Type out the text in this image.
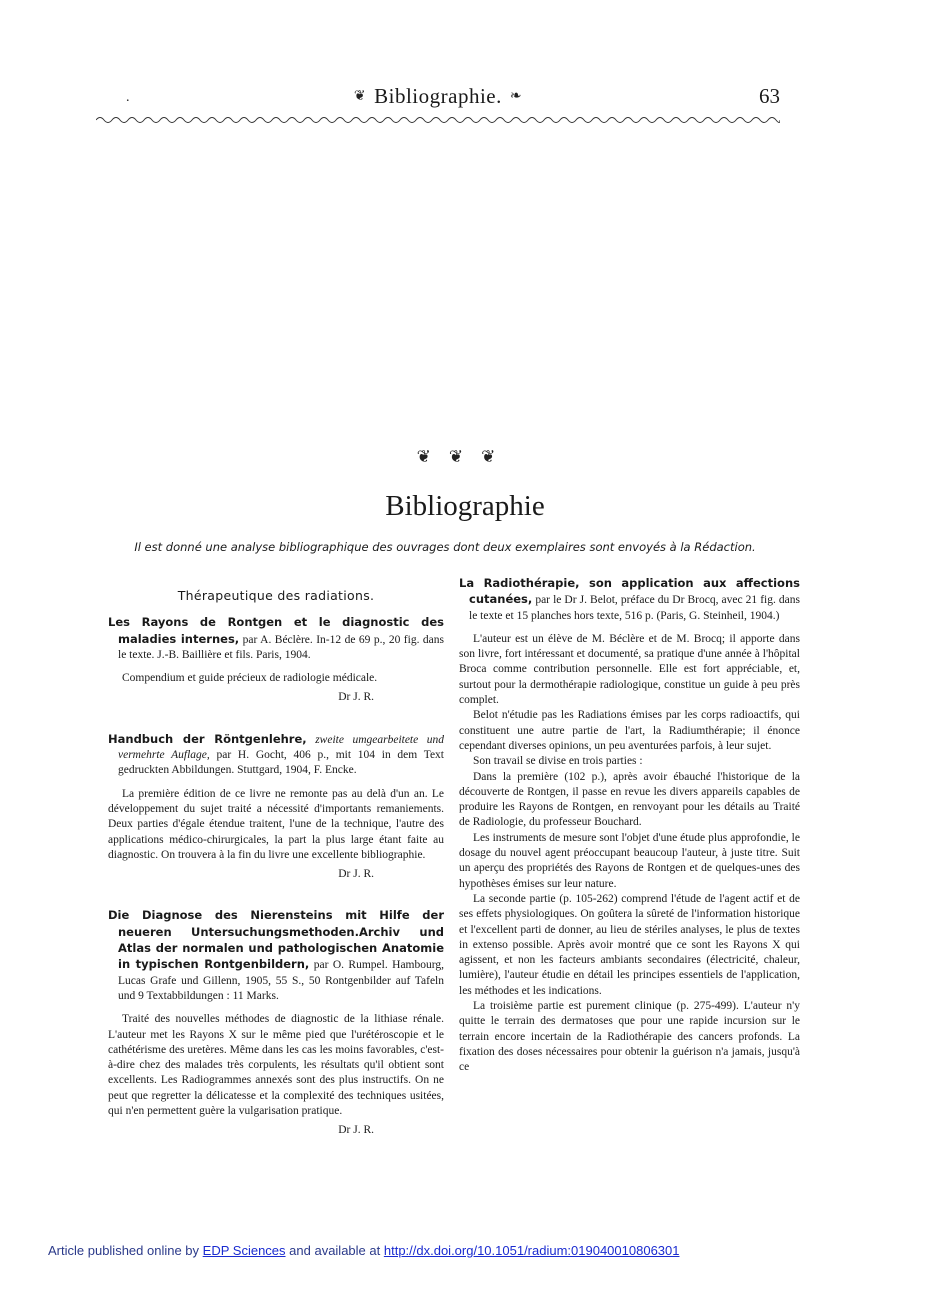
.	❦ Bibliographie. ❧	63
❦❦❦
Bibliographie
Il est donné une analyse bibliographique des ouvrages dont deux exemplaires sont envoyés à la Rédaction.
Thérapeutique des radiations.
Les Rayons de Rontgen et le diagnostic des maladies internes, par A. Béclère. In-12 de 69 p., 20 fig. dans le texte. J.-B. Baillière et fils. Paris, 1904.

Compendium et guide précieux de radiologie médicale.

Dr J. R.
Handbuch der Röntgenlehre, zweite umgearbeitete und vermehrte Auflage, par H. Gocht, 406 p., mit 104 in dem Text gedruckten Abbildungen. Stuttgard, 1904, F. Encke.

La première édition de ce livre ne remonte pas au delà d'un an. Le développement du sujet traité a nécessité d'importants remaniements. Deux parties d'égale étendue traitent, l'une de la technique, l'autre des applications médico-chirurgicales, la part la plus large étant faite au diagnostic. On trouvera à la fin du livre une excellente bibliographie.

Dr J. R.
Die Diagnose des Nierensteins mit Hilfe der neueren Untersuchungsmethoden.Archiv und Atlas der normalen und pathologischen Anatomie in typischen Rontgenbildern, par O. Rumpel. Hambourg, Lucas Grafe und Gillenn, 1905, 55 S., 50 Rontgenbilder auf Tafeln und 9 Textabbildungen : 11 Marks.

Traité des nouvelles méthodes de diagnostic de la lithiase rénale. L'auteur met les Rayons X sur le même pied que l'urétéroscopie et le cathétérisme des uretères. Même dans les cas les moins favorables, c'est-à-dire chez des malades très corpulents, les résultats qu'il obtient sont excellents. Les Radiogrammes annexés sont des plus instructifs. On ne peut que regretter la délicatesse et la complexité des techniques usitées, qui n'en permettent guère la vulgarisation pratique.

Dr J. R.
La Radiothérapie, son application aux affections cutanées, par le Dr J. Belot, préface du Dr Brocq, avec 21 fig. dans le texte et 15 planches hors texte, 516 p. (Paris, G. Steinheil, 1904.)

L'auteur est un élève de M. Béclère et de M. Brocq; il apporte dans son livre, fort intéressant et documenté, sa pratique d'une année à l'hôpital Broca comme contribution personnelle. Elle est fort appréciable, et, surtout pour la dermothérapie radiologique, constitue un guide à peu près complet.

Belot n'étudie pas les Radiations émises par les corps radioactifs, qui constituent une autre partie de l'art, la Radiumthérapie; il énonce cependant diverses opinions, un peu aventurées parfois, à leur sujet.

Son travail se divise en trois parties :

Dans la première (102 p.), après avoir ébauché l'historique de la découverte de Rontgen, il passe en revue les divers appareils capables de produire les Rayons de Rontgen, en renvoyant pour les détails au Traité de Radiologie, du professeur Bouchard.

Les instruments de mesure sont l'objet d'une étude plus approfondie, le dosage du nouvel agent préoccupant beaucoup l'auteur, à juste titre. Suit un aperçu des propriétés des Rayons de Rontgen et de quelques-unes des hypothèses émises sur leur nature.

La seconde partie (p. 105-262) comprend l'étude de l'agent actif et de ses effets physiologiques. On goûtera la sûreté de l'information historique et l'excellent parti de donner, au lieu de stériles analyses, le plus de textes in extenso possible. Après avoir montré que ce sont les Rayons X qui agissent, et non les facteurs ambiants secondaires (électricité, chaleur, lumière), l'auteur étudie en détail les principes essentiels de l'application, les méthodes et les indications.

La troisième partie est purement clinique (p. 275-499). L'auteur n'y quitte le terrain des dermatoses que pour une rapide incursion sur le terrain encore incertain de la Radiothérapie des cancers profonds. La fixation des doses nécessaires pour obtenir la guérison n'a jamais, jusqu'à ce

Article published online by EDP Sciences and available at http://dx.doi.org/10.1051/radium:019040010806301
